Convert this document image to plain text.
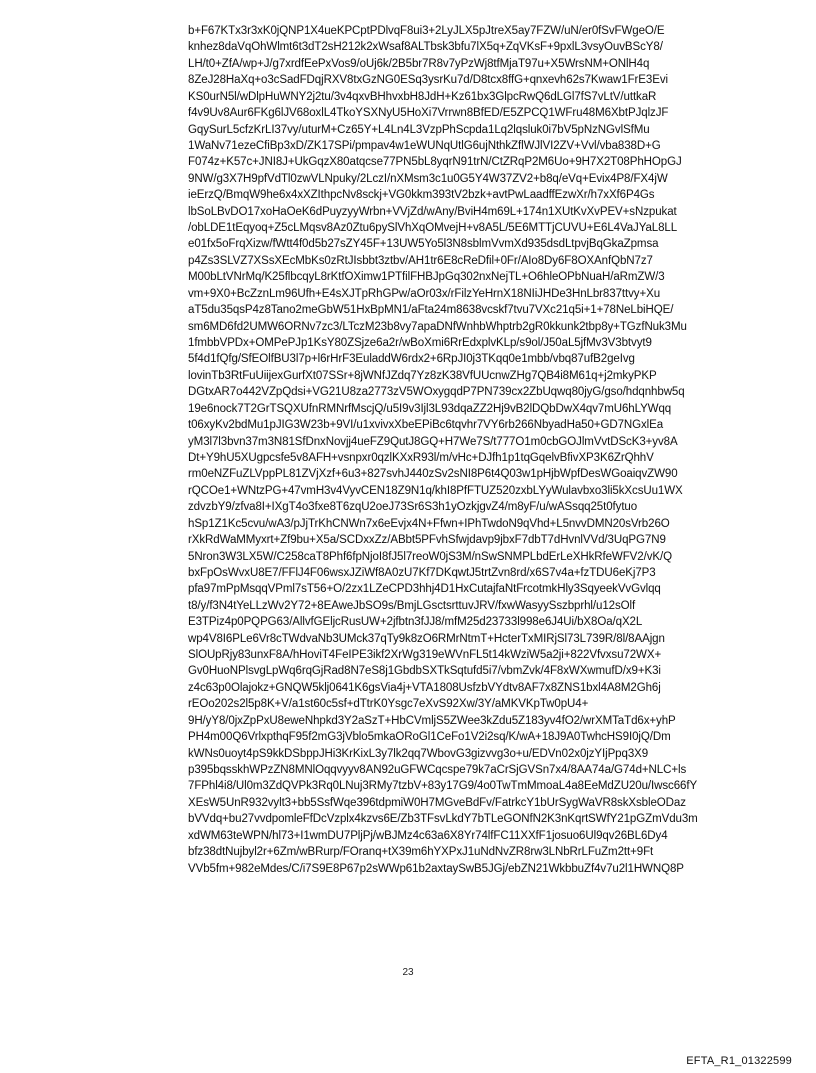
b+F67KTx3r3xK0jQNP1X4ueKPCptPDlvqF8ui3+2LyJLX5pJtreX5ay7FZW/uN/er0fSvFWgeO/E
knhez8daVqOhWlmt6t3dT2sH212k2xWsaf8ALTbsk3bfu7lX5q+ZqVKsF+9pxlL3vsyOuvBScY8/
LH/t0+ZfA/wp+J/g7xrdfEePxVos9/oUj6k/2B5br7R8v7yPzWj8tfMjaT97u+X5WrsNM+ONlH4q
8ZeJ28HaXq+o3cSadFDqjRXV8txGzNG0ESq3ysrKu7d/D8tcx8ffG+qnxevh62s7Kwaw1FrE3Evi
KS0urN5l/wDlpHuWNY2j2tu/3v4qxvBHhvxbH8JdH+Kz61bx3GlpcRwQ6dLGl7fS7vLtV/uttkaR
f4v9Uv8Aur6FKg6lJV68oxlL4TkoYSXNyU5HoXi7Vrrwn8BfED/E5ZPCQ1WFru48M6XbtPJqlzJF
GqySurL5cfzKrLI37vy/uturM+Cz65Y+L4Ln4L3VzpPhScpda1Lq2lqsluk0i7bV5pNzNGvlSfMu
1WaNv71ezeCfiBp3xD/ZK17SPi/pmpav4w1eWUNqUtlG6ujNthkZflWJlVI2ZV+Vvl/vba838D+G
F074z+K57c+JNI8J+UkGqzX80atqcse77PN5bL8yqrN91trN/CtZRqP2M6Uo+9H7X2T08PhHOpGJ
9NW/g3X7H9pfVdTl0zwVLNpuky/2LczI/nXMsm3c1u0G5Y4W37ZV2+b8q/eVq+Evix4P8/FX4jW
ieErzQ/BmqW9he6x4xXZIthpcNv8sckj+VG0kkm393tV2bzk+avtPwLaadffEzwXr/h7xXf6P4Gs
lbSoLBvDO17xoHaOeK6dPuyzyyWrbn+VVjZd/wAny/BviH4m69L+174n1XUtKvXvPEV+sNzpukat
/obLDE1tEqyoq+Z5cLMqsv8Az0Ztu6pySlVhXqOMvejH+v8A5L/5E6MTTjCUVU+E6L4VaJYaL8LL
e01fx5oFrqXizw/fWtt4f0d5b27sZY45F+13UW5Yo5l3N8sblmVvmXd935dsdLtpvjBqGkaZpmsa
p4Zs3SLVZ7XSsXEcMbKs0zRtJIsbbt3ztbv/AH1tr6E8cReDfil+0Fr/AIo8Dy6F8OXAnfQbN7z7
M00bLtVNrMq/K25flbcqyL8rKtfOXimw1PTfilFHBJpGq302nxNejTL+O6hleOPbNuaH/aRmZW/3
vm+9X0+BcZznLm96Ufh+E4sXJTpRhGPw/aOr03x/rFilzYeHrnX18NIiJHDe3HnLbr837ttvy+Xu
aT5du35qsP4z8Tano2meGbW51HxBpMN1/aFta24m8638vcskf7tvu7VXc21q5i+1+78NeLbiHQE/
sm6MD6fd2UMW6ORNv7zc3/LTczM23b8vy7apaDNfWnhbWhptrb2gR0kkunk2tbp8y+TGzfNuk3Mu
1fmbbVPDx+OMPePJp1KsY80ZSjze6a2r/wBoXmi6RrEdxplvKLp/s9ol/J50aL5jfMv3V3btvyt9
5f4d1fQfg/SfEOlfBU3l7p+l6rHrF3EuladdW6rdx2+6RpJI0j3TKqq0e1mbb/vbq87ufB2geIvg
lovinTb3RtFuUiijexGurfXt07SSr+8jWNfJZdq7Yz8zK38VfUUcnwZHg7QB4i8M61q+j2mkyPKP
DGtxAR7o442VZpQdsi+VG21U8za2773zV5WOxygqdP7PN739cx2ZbUqwq80jyG/gso/hdqnhbw5q
19e6nock7T2GrTSQXUfnRMNrfMscjQ/u5I9v3Ijl3L93dqaZZ2Hj9vB2lDQbDwX4qv7mU6hLYWqq
t06xyKv2bdMu1pJIG3W23b+9VI/u1xvivxXbeEPiBc6tqvhr7VY6rb266NbyadHa50+GD7NGxlEa
yM3l7l3bvn37m3N81SfDnxNovjj4ueFZ9QutJ8GQ+H7We7S/t777O1m0cbGOJlmVvtDScK3+yv8A
Dt+Y9hU5XUgpcsfe5v8AFH+vsnpxr0qzlKXxR93l/m/vHc+DJfh1p1tqGqelvBfivXP3K6ZrQhhV
rm0eNZFuZLVppPL81ZVjXzf+6u3+827svhJ440zSv2sNI8P6t4Q03w1pHjbWpfDesWGoaiqvZW90
rQCOe1+WNtzPG+47vmH3v4VyvCEN18Z9N1q/khI8PfFTUZ520zxbLYyWulavbxo3li5kXcsUu1WX
zdvzbY9/zfva8I+IXgT4o3fxe8T6zqU2oeJ73Sr6S3h1yOzkjgvZ4/m8yF/u/wASsqq25t0fytuo
hSp1Z1Kc5cvu/wA3/pJjTrKhCNWn7x6eEvjx4N+Ffwn+IPhTwdoN9qVhd+L5nvvDMN20sVrb26O
rXkRdWaMMyxrt+Zf9bu+X5a/SCDxxZz/ABbt5PFvhSfwjdavp9jbxF7dbT7dHvnlVVd/3UqPG7N9
5Nron3W3LX5W/C258caT8Phf6fpNjoI8fJ5l7reoW0jS3M/nSwSNMPLbdErLeXHkRfeWFV2/vK/Q
bxFpOsWvxU8E7/FFlJ4F06wsxJZiWf8A0zU7Kf7DKqwtJ5trtZvn8rd/x6S7v4a+fzTDU6eKj7P3
pfa97mPpMsqqVPml7sT56+O/2zx1LZeCPD3hhj4D1HxCutajfaNtFrcotmkHly3SqyeekVvGvlqq
t8/y/f3N4tYeLLzWv2Y72+8EAweJbSO9s/BmjLGsctsrttuvJRV/fxwWasyySszbprhl/u12sOlf
E3TPiz4p0PQPG63/AllvfGEljcRusUW+2jfbtn3fJJ8/mfM25d23733l998e6J4Ui/bX8Oa/qX2L
wp4V8I6PLe6Vr8cTWdvaNb3UMck37qTy9k8zO6RMrNtmT+HcterTxMIRjSl73L739R/8l/8AAjgn
SlOUpRjy83unxF8A/hHoviT4FeIPE3ikf2XrWg319eWVnFL5t14kWziW5a2ji+822Vfvxsu72WX+
Gv0HuoNPlsvgLpWq6rqGjRad8N7eS8j1GbdbSXTkSqtufd5i7/vbmZvk/4F8xWXwmufD/x9+K3i
z4c63p0Olajokz+GNQW5klj0641K6gsVia4j+VTA1808UsfzbVYdtv8AF7x8ZNS1bxl4A8M2Gh6j
rEOo202s2l5p8K+V/a1st60c5sf+dTtrK0Ysgc7eXvS92Xw/3Y/aMKVKpTw0pU4+
9H/yY8/0jxZpPxU8eweNhpkd3Y2aSzT+HbCVmljS5ZWee3kZdu5Z183yv4fO2/wrXMTaTd6x+yhP
PH4m00Q6VrlxpthqF95f2mG3jVblo5mkaORoGl1CeFo1V2i2sq/K/wA+18J9A0TwhcHS9I0jQ/Dm
kWNs0uoyt4pS9kkDSbppJHi3KrKixL3y7lk2qq7WbovG3gizvvg3o+u/EDVn02x0jzYIjPpq3X9
p395bqsskhWPzZN8MNlOqqvyyv8AN92uGFWCqcspe79k7aCrSjGVSn7x4/8AA74a/G74d+NLC+ls
7FPhl4i8/Ul0m3ZdQVPk3Rq0LNuj3RMy7tzbV+83y17G9/4o0TwTmMmoaL4a8EeMdZU20u/Iwsc66fY
XEsW5UnR932vylt3+bb5SsfWqe396tdpmiW0H7MGveBdFv/FatrkcY1bUrSygWaVR8skXsbleODaz
bVVdq+bu27vvdpomleFfDcVzplx4kzvs6E/Zb3TFsvLkdY7bTLeGONfN2K3nKqrtSWfY21pGZmVdu3m
xdWM63teWPN/hl73+I1wmDU7PljPj/wBJMz4c63a6X8Yr74lfFC11XXfF1josuo6Ul9qv26BL6Dy4
bfz38dtNujbyl2r+6Zm/wBRurp/FOranq+tX39m6hYXPxJ1uNdNvZR8rw3LNbRrLFuZm2tt+9Ft
VVb5fm+982eMdes/C/i7S9E8P67p2sWWp61b2axtaySwB5JGj/ebZN21WkbbuZf4v7u2l1HWNQ8P
23
EFTA_R1_01322599
